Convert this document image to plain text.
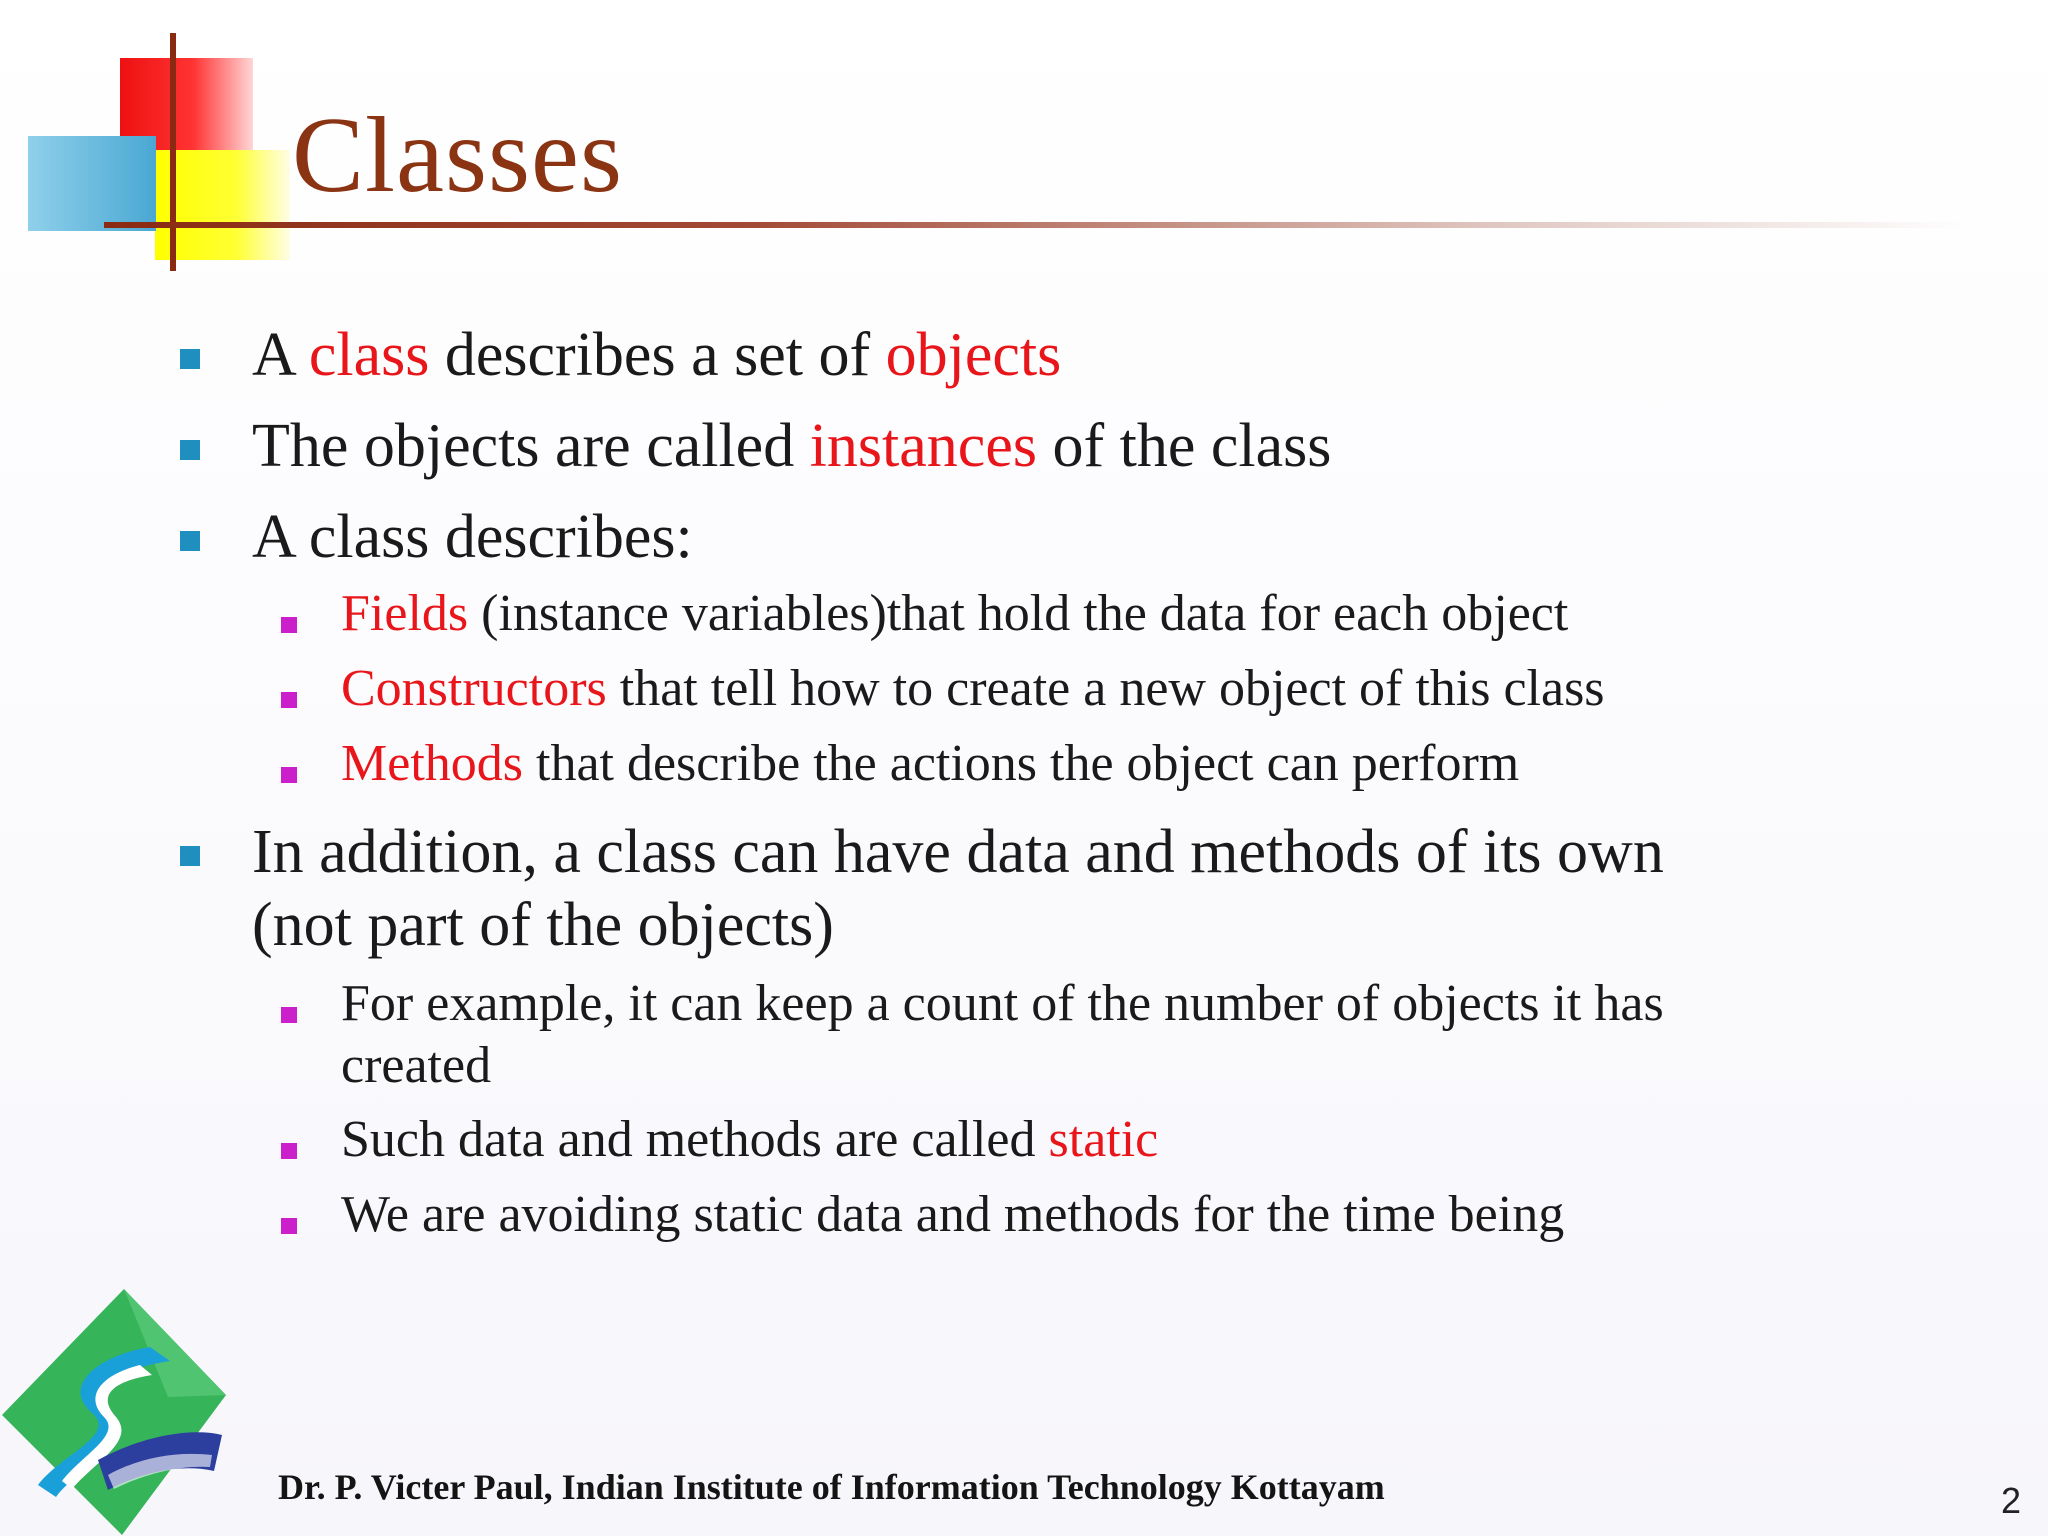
Classes
A class describes a set of objects
The objects are called instances of the class
A class describes:
Fields (instance variables)that hold the data for each object
Constructors that tell how to create a new object of this class
Methods that describe the actions the object can perform
In addition, a class can have data and methods of its own
(not part of the objects)
For example, it can keep a count of the number of objects it has
created
Such data and methods are called static
We are avoiding static data and methods for the time being
Dr. P. Victer Paul, Indian Institute of Information Technology Kottayam	2
